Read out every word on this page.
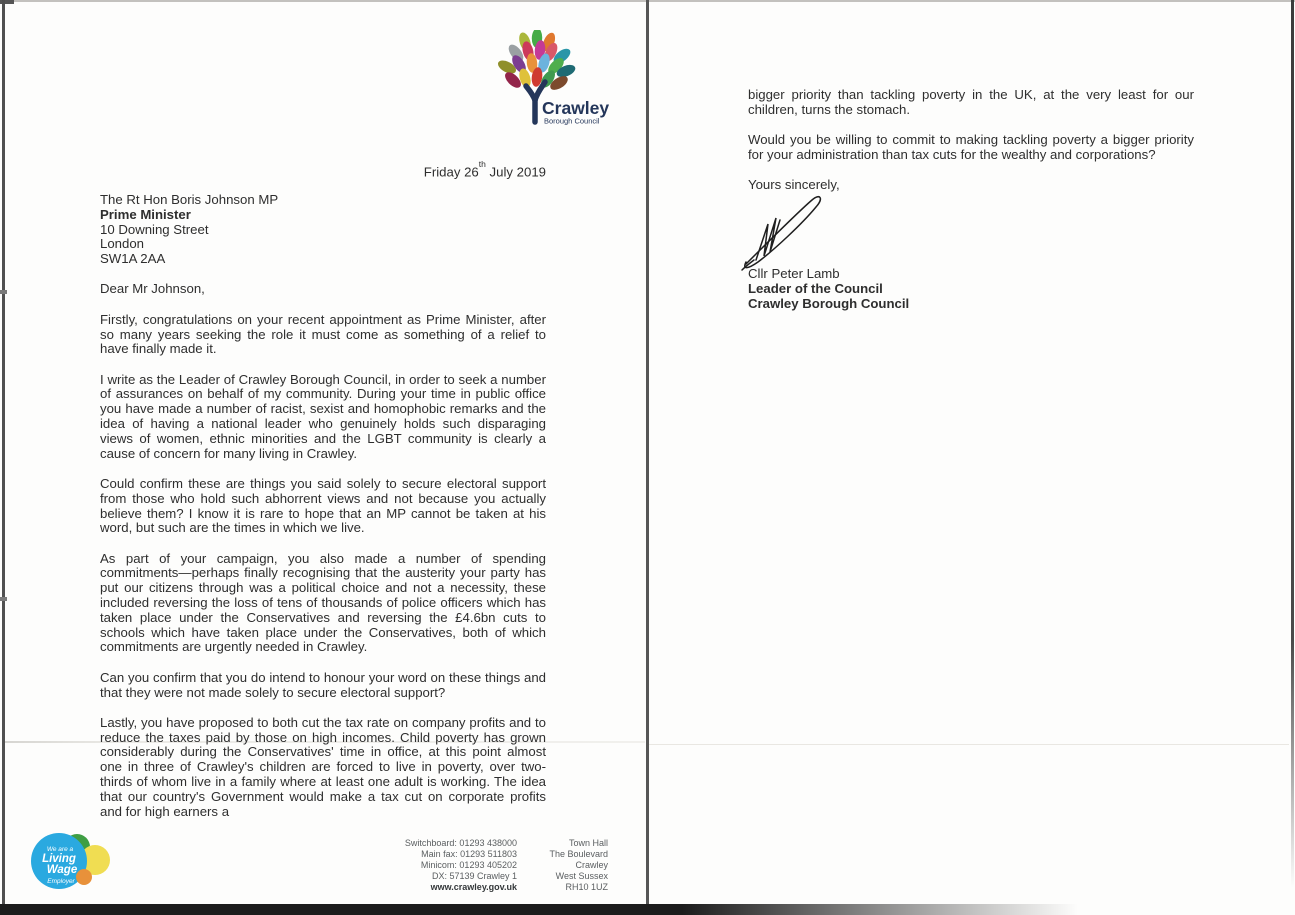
Crawley
Borough Council
Friday 26th July 2019
The Rt Hon Boris Johnson MP
Prime Minister
10 Downing Street
London
SW1A 2AA

Dear Mr Johnson,

Firstly, congratulations on your recent appointment as Prime Minister, after so many years seeking the role it must come as something of a relief to have finally made it.

I write as the Leader of Crawley Borough Council, in order to seek a number of assurances on behalf of my community. During your time in public office you have made a number of racist, sexist and homophobic remarks and the idea of having a national leader who genuinely holds such disparaging views of women, ethnic minorities and the LGBT community is clearly a cause of concern for many living in Crawley.

Could confirm these are things you said solely to secure electoral support from those who hold such abhorrent views and not because you actually believe them? I know it is rare to hope that an MP cannot be taken at his word, but such are the times in which we live.

As part of your campaign, you also made a number of spending commitments—perhaps finally recognising that the austerity your party has put our citizens through was a political choice and not a necessity, these included reversing the loss of tens of thousands of police officers which has taken place under the Conservatives and reversing the £4.6bn cuts to schools which have taken place under the Conservatives, both of which commitments are urgently needed in Crawley.

Can you confirm that you do intend to honour your word on these things and that they were not made solely to secure electoral support?

Lastly, you have proposed to both cut the tax rate on company profits and to reduce the taxes paid by those on high incomes. Child poverty has grown considerably during the Conservatives' time in office, at this point almost one in three of Crawley's children are forced to live in poverty, over two-thirds of whom live in a family where at least one adult is working. The idea that our country's Government would make a tax cut on corporate profits and for high earners a

Switchboard: 01293 438000
Main fax: 01293 511803
Minicom: 01293 405202
DX: 57139 Crawley 1
www.crawley.gov.uk
Town Hall
The Boulevard
Crawley
West Sussex
RH10 1UZ
We are a
Living
Wage
Employer

bigger priority than tackling poverty in the UK, at the very least for our children, turns the stomach.

Would you be willing to commit to making tackling poverty a bigger priority for your administration than tax cuts for the wealthy and corporations?

Yours sincerely,

Cllr Peter Lamb
Leader of the Council
Crawley Borough Council
